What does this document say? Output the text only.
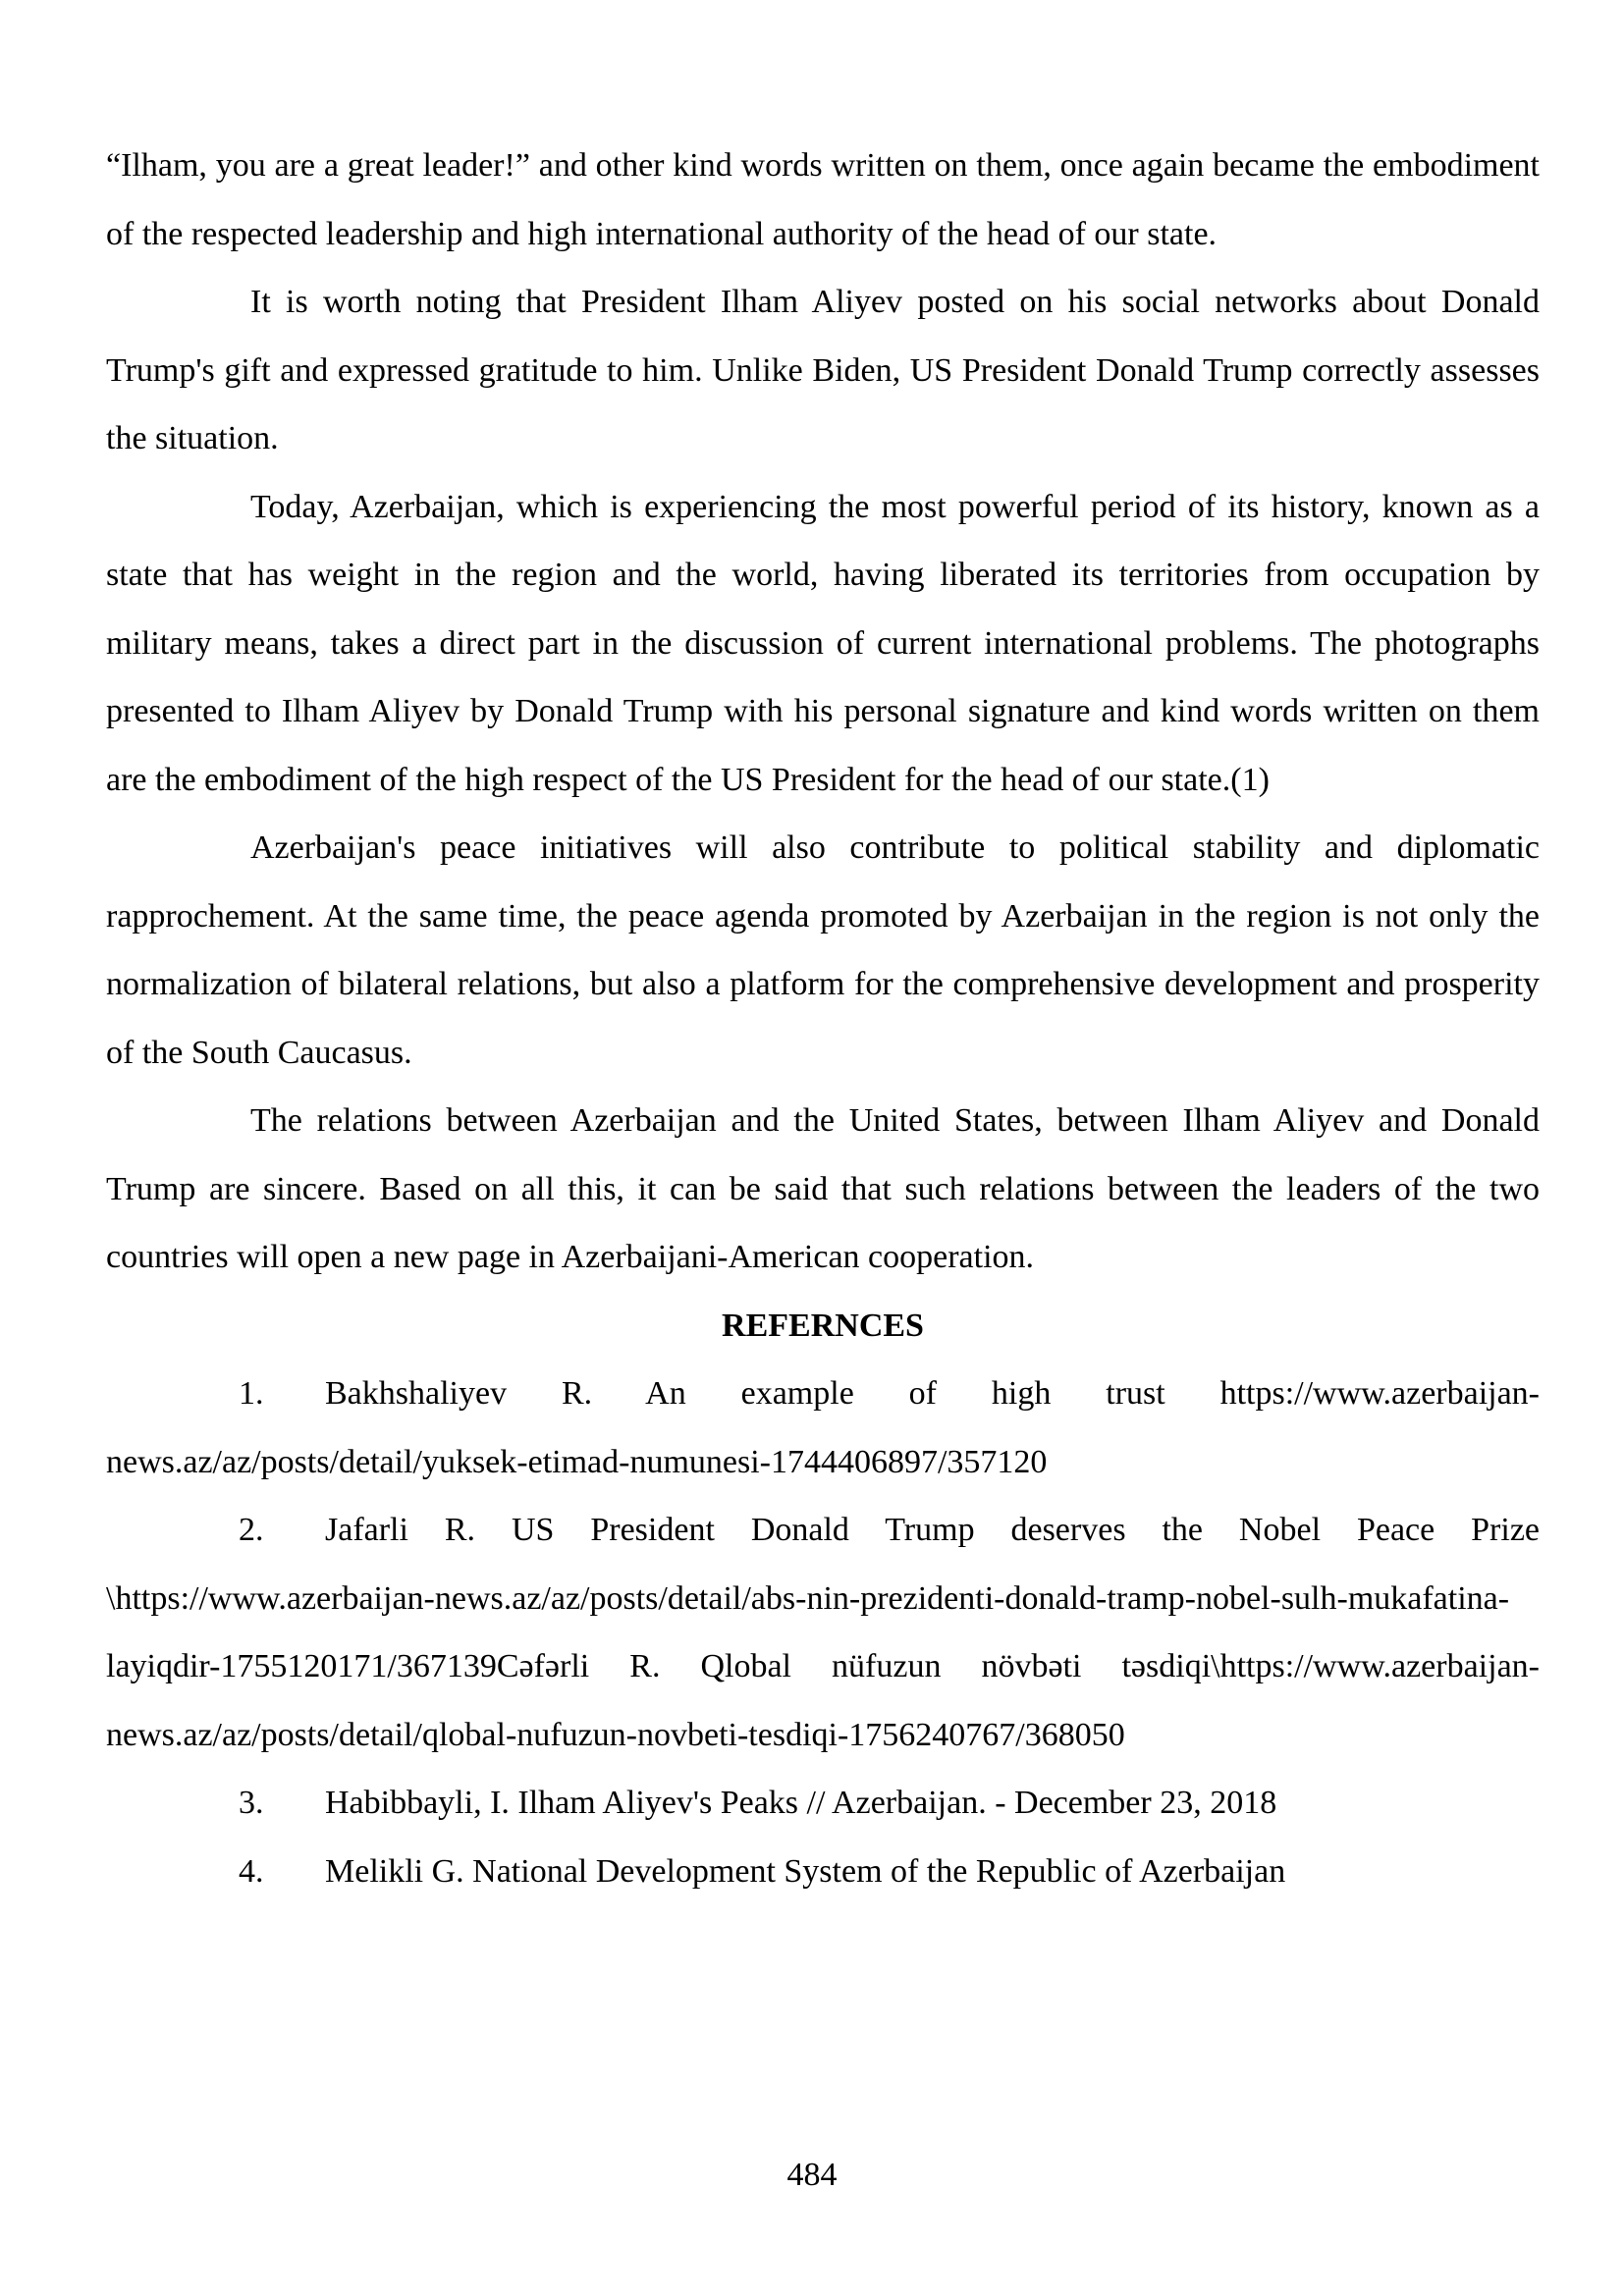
“Ilham, you are a great leader!” and other kind words written on them, once again became the embodiment of the respected leadership and high international authority of the head of our state.

It is worth noting that President Ilham Aliyev posted on his social networks about Donald Trump's gift and expressed gratitude to him. Unlike Biden, US President Donald Trump correctly assesses the situation.

Today, Azerbaijan, which is experiencing the most powerful period of its history, known as a state that has weight in the region and the world, having liberated its territories from occupation by military means, takes a direct part in the discussion of current international problems. The photographs presented to Ilham Aliyev by Donald Trump with his personal signature and kind words written on them are the embodiment of the high respect of the US President for the head of our state.(1)

Azerbaijan's peace initiatives will also contribute to political stability and diplomatic rapprochement. At the same time, the peace agenda promoted by Azerbaijan in the region is not only the normalization of bilateral relations, but also a platform for the comprehensive development and prosperity of the South Caucasus.

The relations between Azerbaijan and the United States, between Ilham Aliyev and Donald Trump are sincere. Based on all this, it can be said that such relations between the leaders of the two countries will open a new page in Azerbaijani-American cooperation.

REFERNCES

1. Bakhshaliyev R. An example of high trust https://www.azerbaijan-news.az/az/posts/detail/yuksek-etimad-numunesi-1744406897/357120

2. Jafarli R. US President Donald Trump deserves the Nobel Peace Prize \https://www.azerbaijan-news.az/az/posts/detail/abs-nin-prezidenti-donald-tramp-nobel-sulh-mukafatina-layiqdir-1755120171/367139Cəfərli R. Qlobal nüfuzun növbəti təsdiqi\https://www.azerbaijan-news.az/az/posts/detail/qlobal-nufuzun-novbeti-tesdiqi-1756240767/368050

3. Habibbayli, I. Ilham Aliyev's Peaks // Azerbaijan. - December 23, 2018

4. Melikli G. National Development System of the Republic of Azerbaijan

484
